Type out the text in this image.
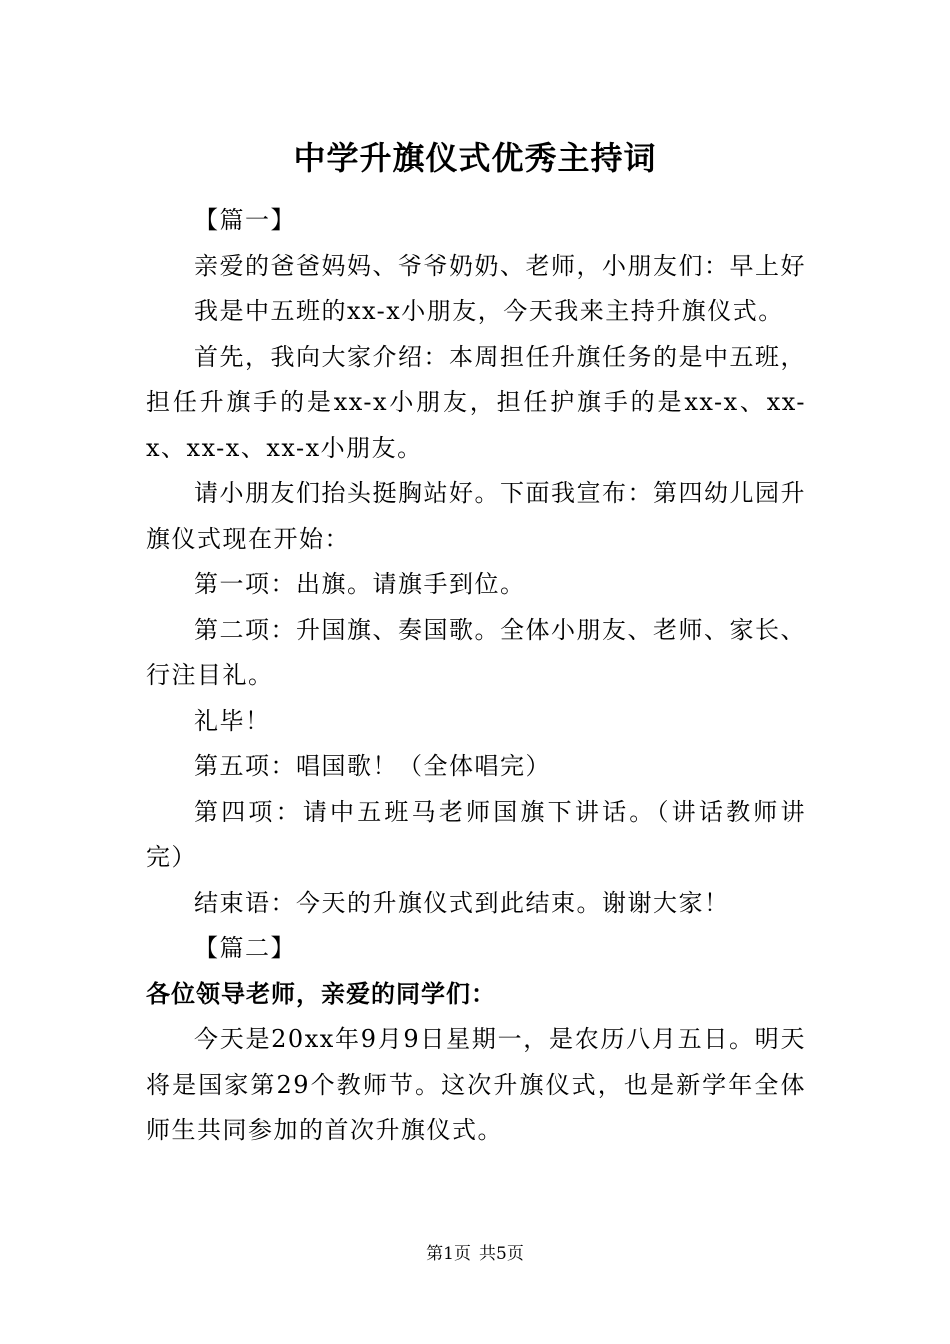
中学升旗仪式优秀主持词

【篇一】

亲爱的爸爸妈妈、爷爷奶奶、老师，小朋友们：早上好

我是中五班的xx-x小朋友，今天我来主持升旗仪式。

首先，我向大家介绍：本周担任升旗任务的是中五班，担任升旗手的是xx-x小朋友，担任护旗手的是xx-x、xx-x、xx-x、xx-x小朋友。

请小朋友们抬头挺胸站好。下面我宣布：第四幼儿园升旗仪式现在开始：

第一项：出旗。请旗手到位。

第二项：升国旗、奏国歌。全体小朋友、老师、家长、行注目礼。

礼毕！

第五项：唱国歌！（全体唱完）

第四项：请中五班马老师国旗下讲话。（讲话教师讲完）

结束语：今天的升旗仪式到此结束。谢谢大家！

【篇二】

各位领导老师，亲爱的同学们：

今天是20xx年9月9日星期一，是农历八月五日。明天将是国家第29个教师节。这次升旗仪式，也是新学年全体师生共同参加的首次升旗仪式。

第1页 共5页
